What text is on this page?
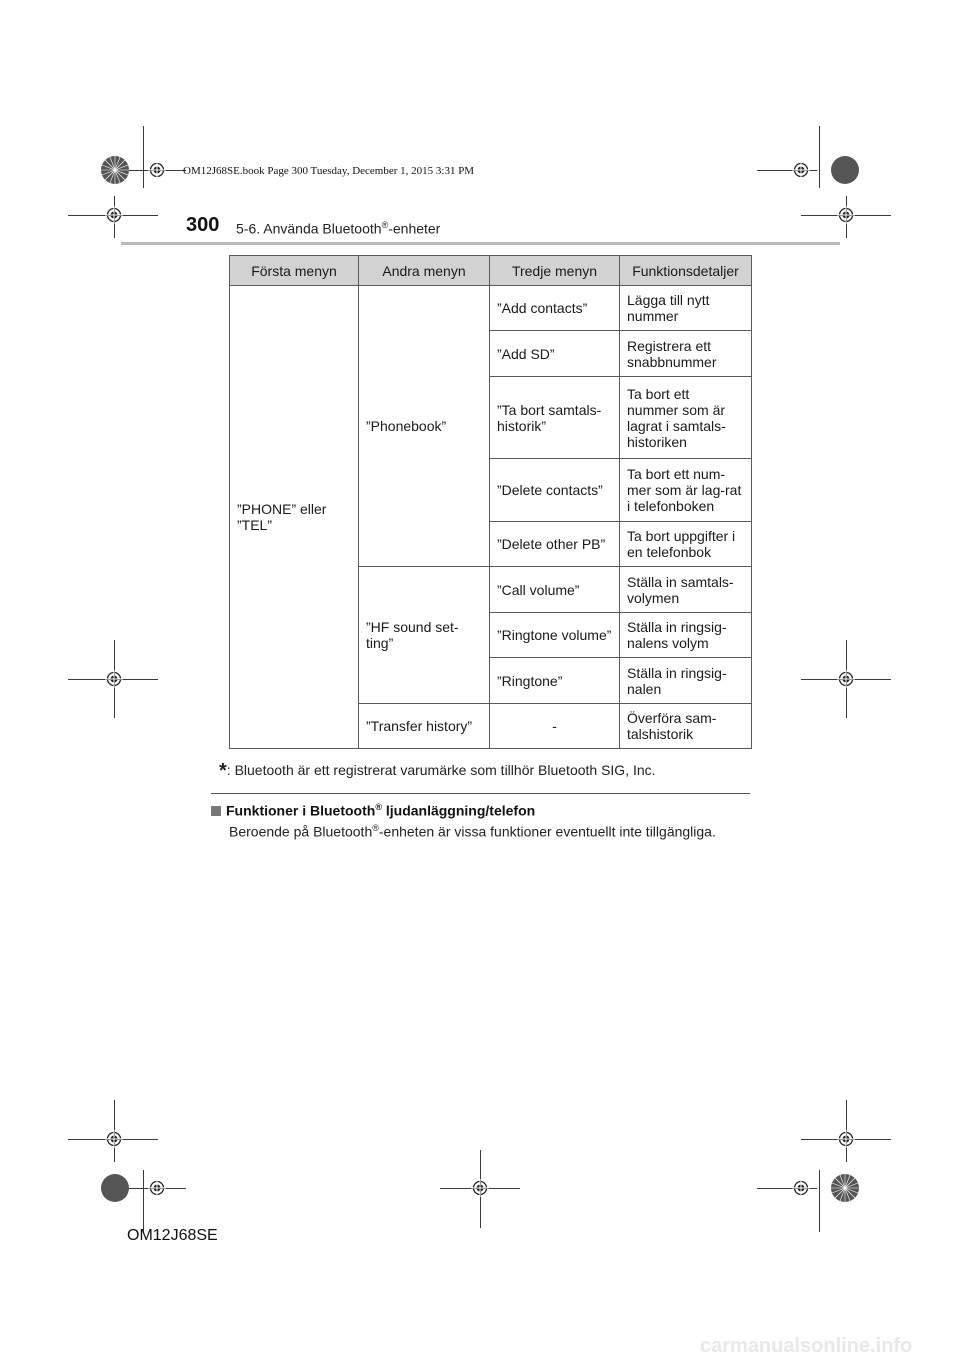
OM12J68SE.book Page 300 Tuesday, December 1, 2015 3:31 PM
300 5-6. Använda Bluetooth®-enheter
Första menyn	Andra menyn	Tredje menyn	Funktionsdetaljer
”PHONE” eller ”TEL”	”Phonebook”	”Add contacts”	Lägga till nytt nummer
		”Add SD”	Registrera ett snabbnummer
		”Ta bort samtals-historik”	Ta bort ett nummer som är lagrat i samtals-historiken
		”Delete contacts”	Ta bort ett num-mer som är lag-rat i telefonboken
		”Delete other PB”	Ta bort uppgifter i en telefonbok
	”HF sound set-ting”	”Call volume”	Ställa in samtals-volymen
		”Ringtone volume”	Ställa in ringsig-nalens volym
		”Ringtone”	Ställa in ringsig-nalen
	”Transfer history”	-	Överföra sam-talshistorik
*: Bluetooth är ett registrerat varumärke som tillhör Bluetooth SIG, Inc.
Funktioner i Bluetooth® ljudanläggning/telefon
Beroende på Bluetooth®-enheten är vissa funktioner eventuellt inte tillgängliga.
OM12J68SE
carmanualsonline.info
